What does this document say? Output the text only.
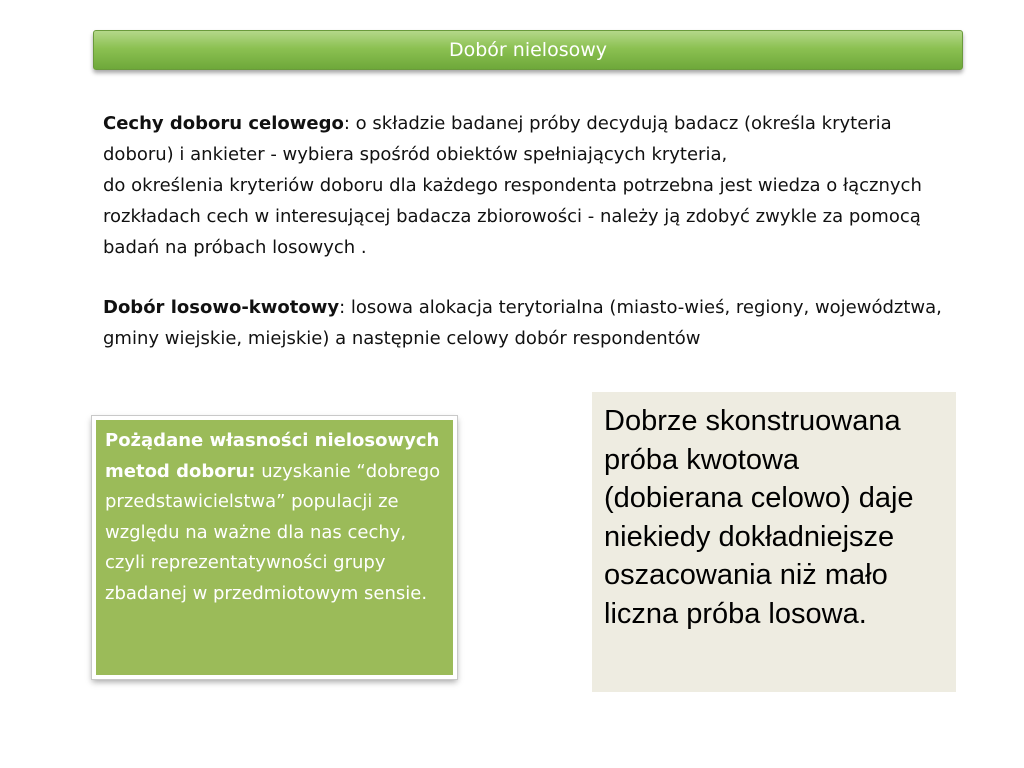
Dobór nielosowy
Cechy doboru celowego: o składzie badanej próby decydują badacz (określa kryteria doboru) i ankieter - wybiera spośród obiektów spełniających kryteria,
do określenia kryteriów doboru dla każdego respondenta potrzebna jest wiedza o łącznych rozkładach cech w interesującej badacza zbiorowości - należy ją zdobyć zwykle za pomocą badań na próbach losowych .
Dobór losowo-kwotowy: losowa alokacja terytorialna (miasto-wieś, regiony, województwa, gminy wiejskie, miejskie) a następnie celowy dobór respondentów
Pożądane własności nielosowych metod doboru: uzyskanie “dobrego przedstawicielstwa” populacji ze względu na ważne dla nas cechy, czyli reprezentatywności grupy zbadanej w przedmiotowym sensie.
Dobrze skonstruowana próba kwotowa (dobierana celowo) daje niekiedy dokładniejsze oszacowania niż mało liczna próba losowa.
